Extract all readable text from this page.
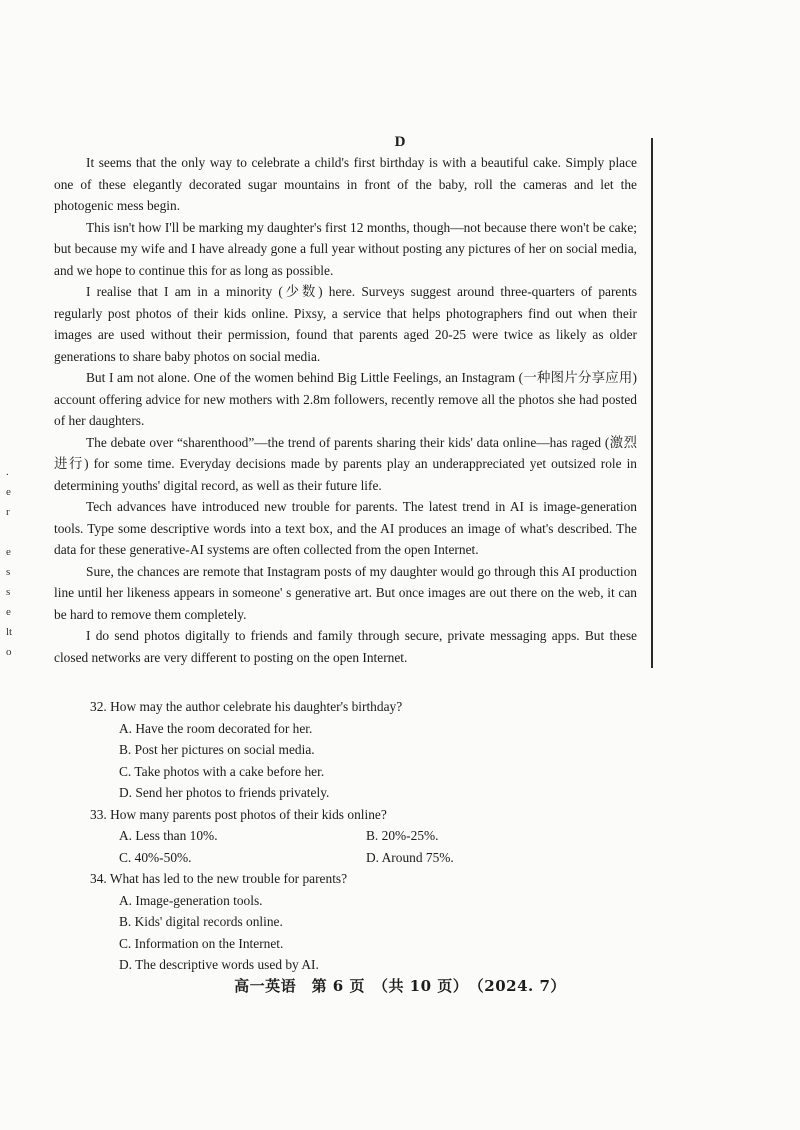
.
e
r

e
s
s
e
lt
o
D

It seems that the only way to celebrate a child's first birthday is with a beautiful cake. Simply place one of these elegantly decorated sugar mountains in front of the baby, roll the cameras and let the photogenic mess begin.

This isn't how I'll be marking my daughter's first 12 months, though—not because there won't be cake; but because my wife and I have already gone a full year without posting any pictures of her on social media, and we hope to continue this for as long as possible.

I realise that I am in a minority (少数) here. Surveys suggest around three-quarters of parents regularly post photos of their kids online. Pixsy, a service that helps photographers find out when their images are used without their permission, found that parents aged 20-25 were twice as likely as older generations to share baby photos on social media.

But I am not alone. One of the women behind Big Little Feelings, an Instagram (一种图片分享应用) account offering advice for new mothers with 2.8m followers, recently remove all the photos she had posted of her daughters.

The debate over “sharenthood”—the trend of parents sharing their kids' data online—has raged (激烈进行) for some time. Everyday decisions made by parents play an underappreciated yet outsized role in determining youths' digital record, as well as their future life.

Tech advances have introduced new trouble for parents. The latest trend in AI is image-generation tools. Type some descriptive words into a text box, and the AI produces an image of what's described. The data for these generative-AI systems are often collected from the open Internet.

Sure, the chances are remote that Instagram posts of my daughter would go through this AI production line until her likeness appears in someone' s generative art. But once images are out there on the web, it can be hard to remove them completely.

I do send photos digitally to friends and family through secure, private messaging apps. But these closed networks are very different to posting on the open Internet.

32. How may the author celebrate his daughter's birthday?
A. Have the room decorated for her.
B. Post her pictures on social media.
C. Take photos with a cake before her.
D. Send her photos to friends privately.
33. How many parents post photos of their kids online?
A. Less than 10%.	B. 20%-25%.
C. 40%-50%.	D. Around 75%.
34. What has led to the new trouble for parents?
A. Image-generation tools.
B. Kids' digital records online.
C. Information on the Internet.
D. The descriptive words used by AI.
高一英语　第 6 页　（共 10 页）　（2024. 7）
